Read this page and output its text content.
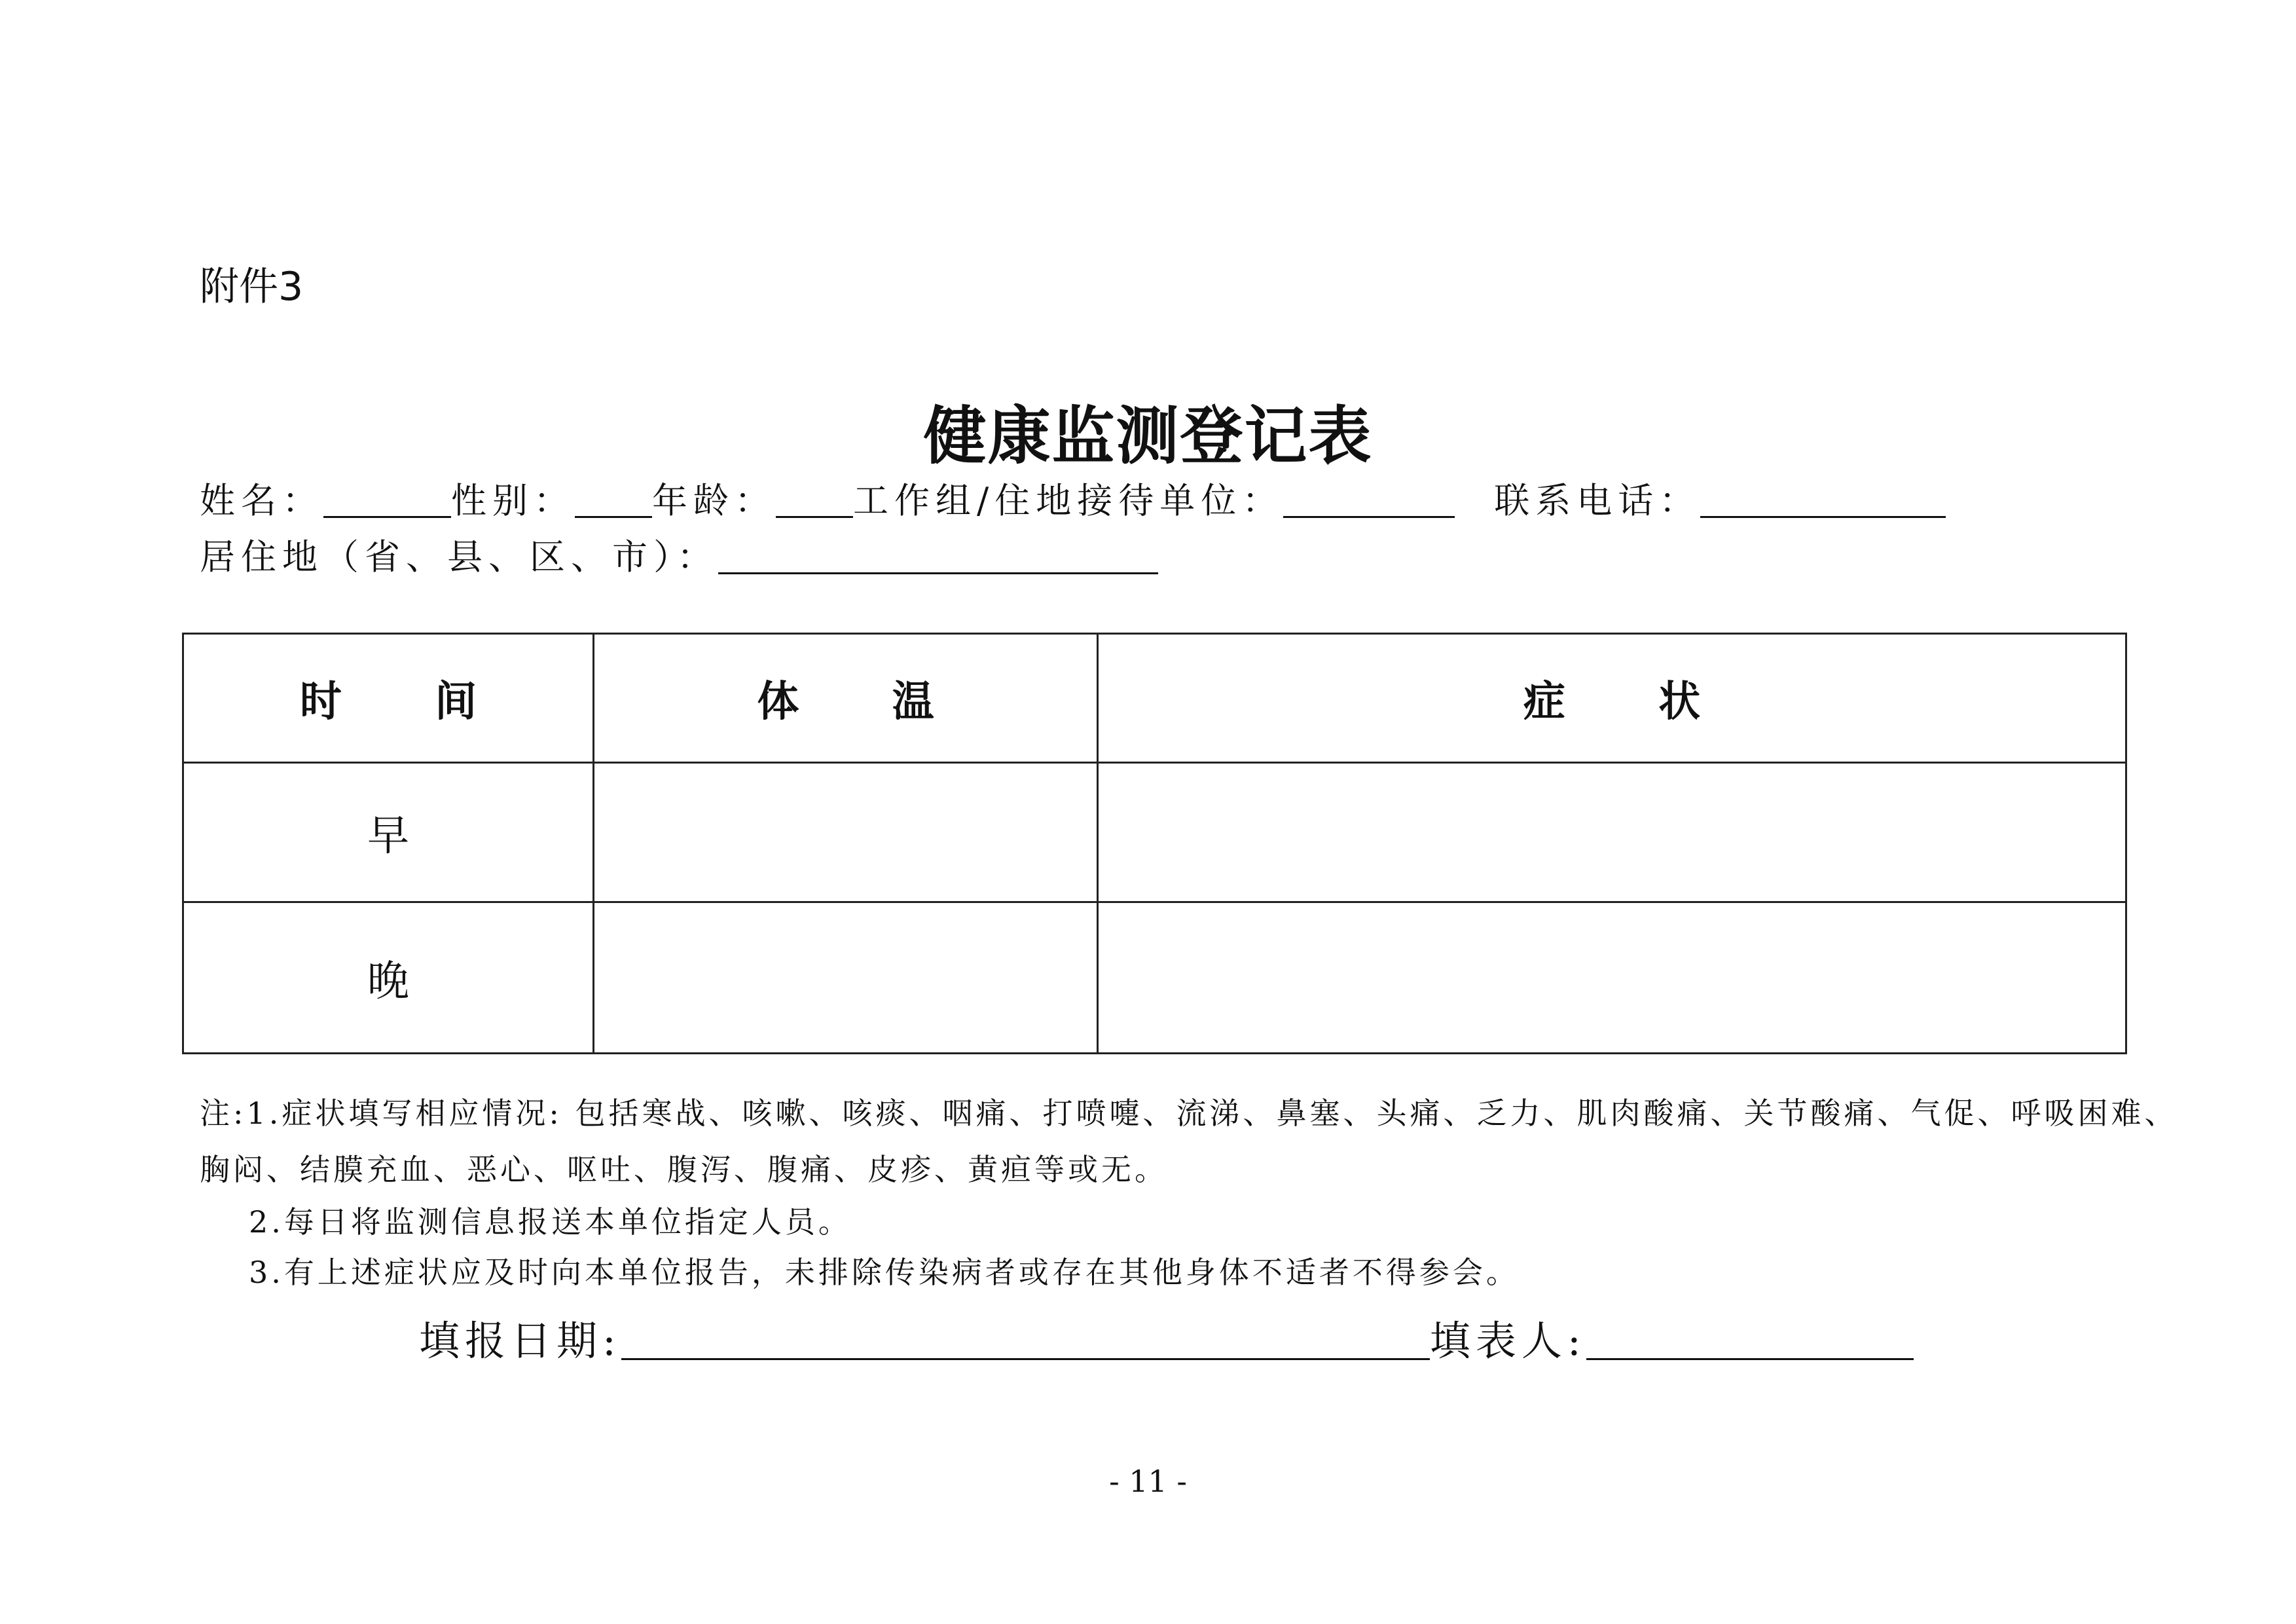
附件3
健康监测登记表
姓名：	性别： 年龄： 工作组/住地接待单位：	联系电话：
居住地（省、县、区、市）：
时 间	体 温	症 状
早		
晚		
注:1.症状填写相应情况: 包括寒战、咳嗽、咳痰、咽痛、打喷嚏、流涕、鼻塞、头痛、乏力、肌肉酸痛、关节酸痛、气促、呼吸困难、
胸闷、结膜充血、恶心、呕吐、腹泻、腹痛、皮疹、黄疸等或无。
2.每日将监测信息报送本单位指定人员。
3.有上述症状应及时向本单位报告，未排除传染病者或存在其他身体不适者不得参会。
填报日期:	填表人:
- 11 -
